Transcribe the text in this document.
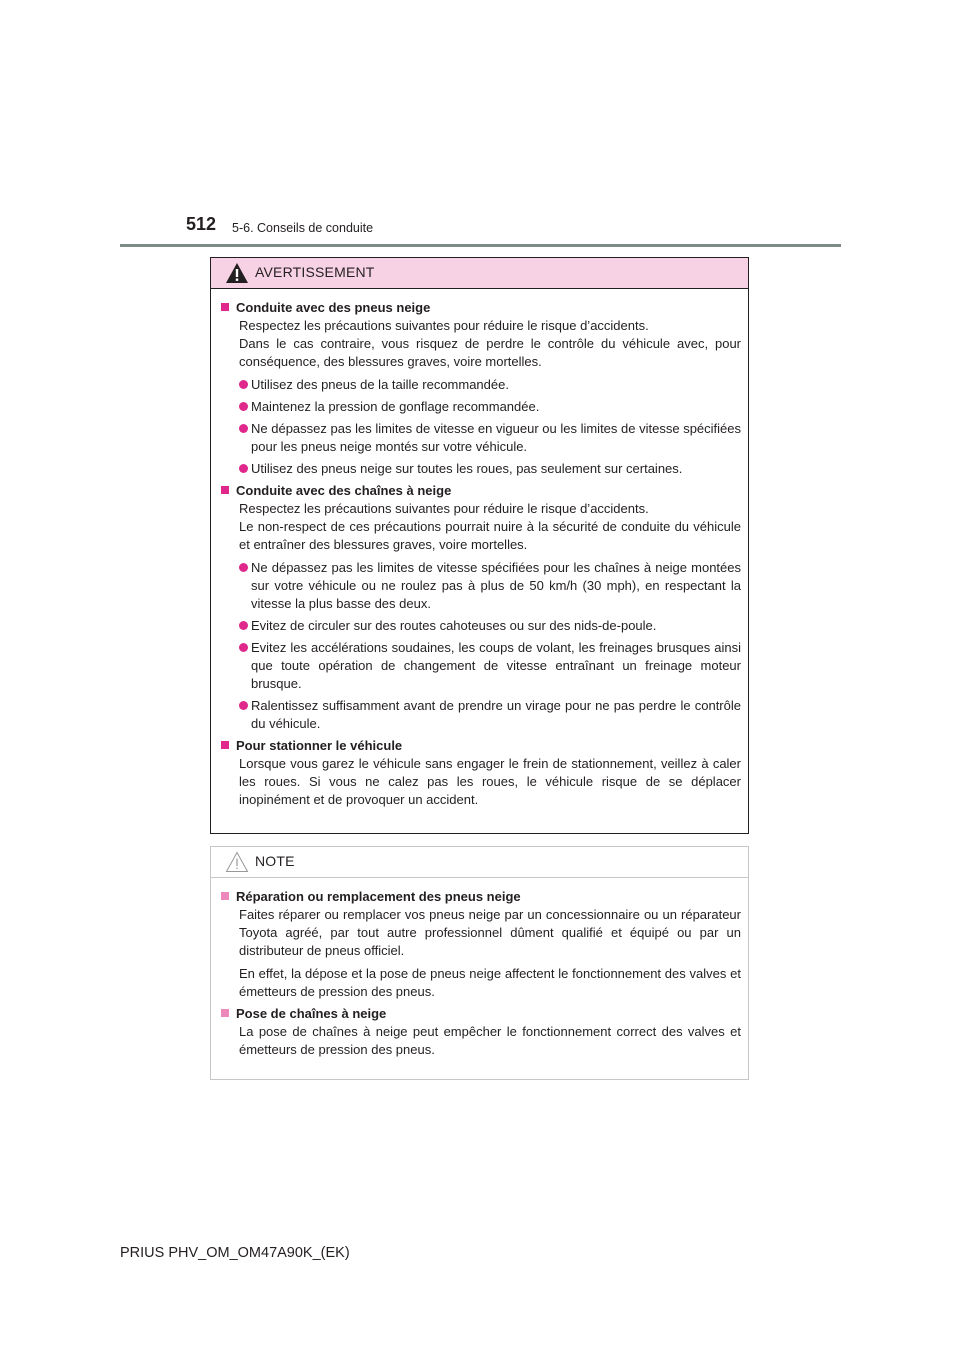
512 5-6. Conseils de conduite
AVERTISSEMENT
Conduite avec des pneus neige
Respectez les précautions suivantes pour réduire le risque d’accidents.
Dans le cas contraire, vous risquez de perdre le contrôle du véhicule avec, pour conséquence, des blessures graves, voire mortelles.
Utilisez des pneus de la taille recommandée.
Maintenez la pression de gonflage recommandée.
Ne dépassez pas les limites de vitesse en vigueur ou les limites de vitesse spécifiées pour les pneus neige montés sur votre véhicule.
Utilisez des pneus neige sur toutes les roues, pas seulement sur certaines.
Conduite avec des chaînes à neige
Respectez les précautions suivantes pour réduire le risque d’accidents.
Le non-respect de ces précautions pourrait nuire à la sécurité de conduite du véhicule et entraîner des blessures graves, voire mortelles.
Ne dépassez pas les limites de vitesse spécifiées pour les chaînes à neige montées sur votre véhicule ou ne roulez pas à plus de 50 km/h (30 mph), en respectant la vitesse la plus basse des deux.
Evitez de circuler sur des routes cahoteuses ou sur des nids-de-poule.
Evitez les accélérations soudaines, les coups de volant, les freinages brusques ainsi que toute opération de changement de vitesse entraînant un freinage moteur brusque.
Ralentissez suffisamment avant de prendre un virage pour ne pas perdre le contrôle du véhicule.
Pour stationner le véhicule
Lorsque vous garez le véhicule sans engager le frein de stationnement, veillez à caler les roues. Si vous ne calez pas les roues, le véhicule risque de se déplacer inopinément et de provoquer un accident.
NOTE
Réparation ou remplacement des pneus neige
Faites réparer ou remplacer vos pneus neige par un concessionnaire ou un réparateur Toyota agréé, par tout autre professionnel dûment qualifié et équipé ou par un distributeur de pneus officiel.
En effet, la dépose et la pose de pneus neige affectent le fonctionnement des valves et émetteurs de pression des pneus.
Pose de chaînes à neige
La pose de chaînes à neige peut empêcher le fonctionnement correct des valves et émetteurs de pression des pneus.
PRIUS PHV_OM_OM47A90K_(EK)
